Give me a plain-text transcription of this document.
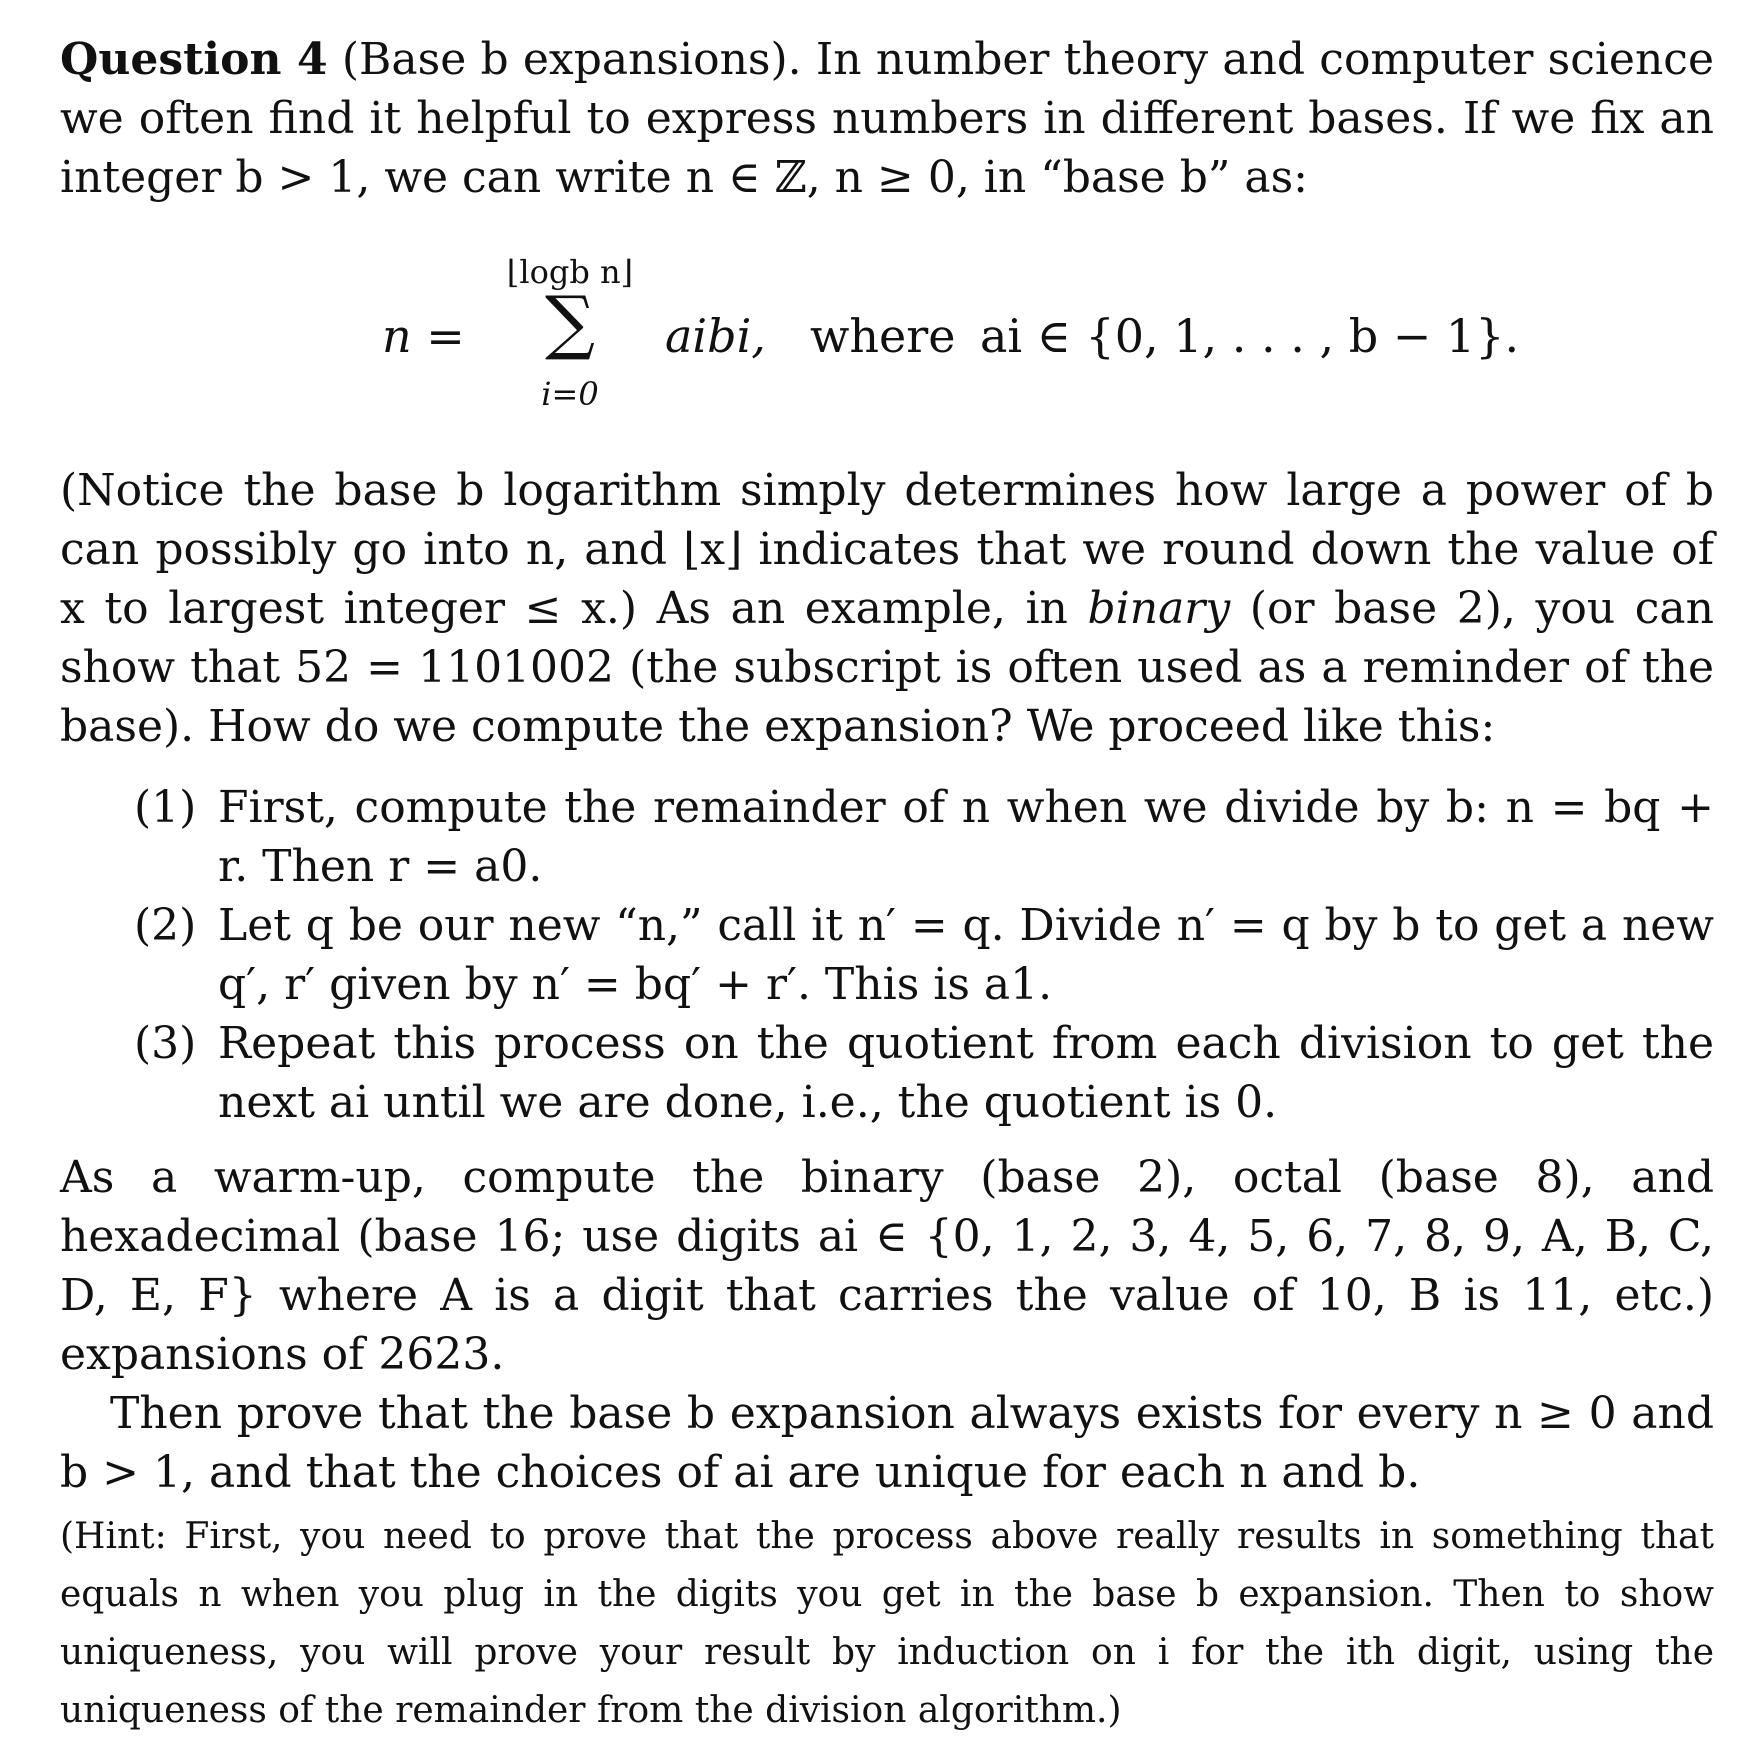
Question 4 (Base b expansions). In number theory and computer science we often find it helpful to express numbers in different bases. If we fix an integer b > 1, we can write n ∈ ℤ, n ≥ 0, in “base b” as:

n =
⌊logb n⌋
∑
i=0
aibi, where ai ∈ {0, 1, . . . , b − 1}.

(Notice the base b logarithm simply determines how large a power of b can possibly go into n, and ⌊x⌋ indicates that we round down the value of x to largest integer ≤ x.) As an example, in binary (or base 2), you can show that 52 = 1101002 (the subscript is often used as a reminder of the base). How do we compute the expansion? We proceed like this:

(1) First, compute the remainder of n when we divide by b: n = bq + r. Then r = a0.
(2) Let q be our new “n,” call it n′ = q. Divide n′ = q by b to get a new q′, r′ given by n′ = bq′ + r′. This is a1.
(3) Repeat this process on the quotient from each division to get the next ai until we are done, i.e., the quotient is 0.

As a warm-up, compute the binary (base 2), octal (base 8), and hexadecimal (base 16; use digits ai ∈ {0, 1, 2, 3, 4, 5, 6, 7, 8, 9, A, B, C, D, E, F} where A is a digit that carries the value of 10, B is 11, etc.) expansions of 2623.

Then prove that the base b expansion always exists for every n ≥ 0 and b > 1, and that the choices of ai are unique for each n and b.

(Hint: First, you need to prove that the process above really results in something that equals n when you plug in the digits you get in the base b expansion. Then to show uniqueness, you will prove your result by induction on i for the ith digit, using the uniqueness of the remainder from the division algorithm.)
